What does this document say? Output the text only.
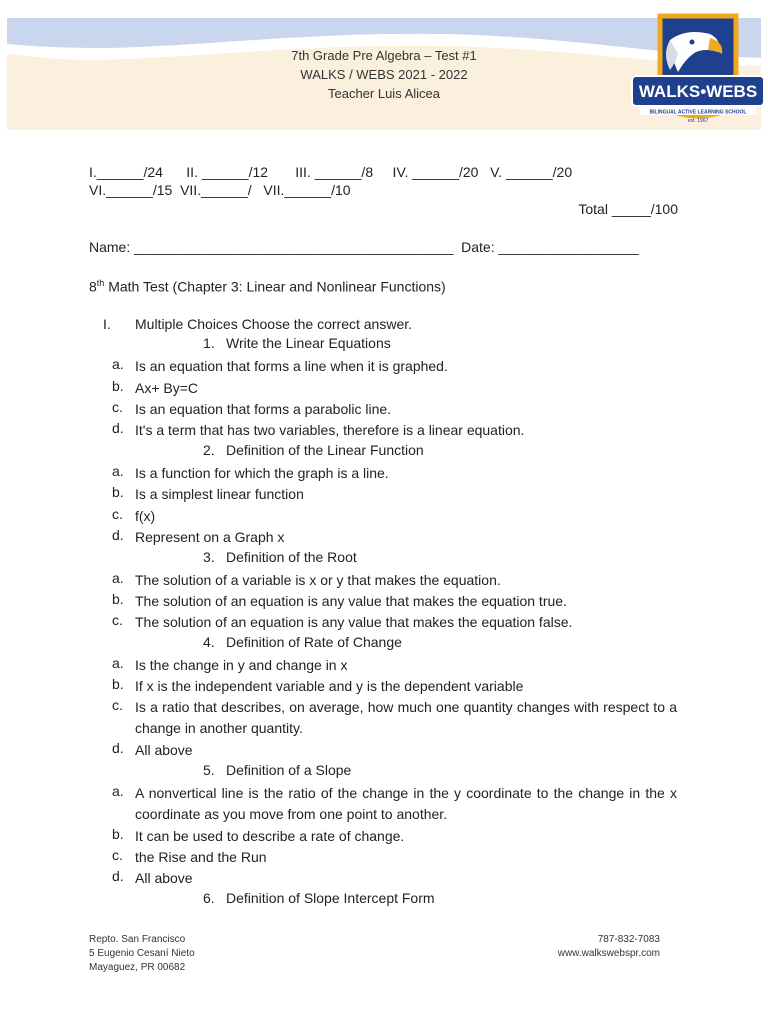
7th Grade Pre Algebra – Test #1
WALKS / WEBS 2021 - 2022
Teacher Luis Alicea	WALKS•WEBS
BILINGUAL ACTIVE LEARNING SCHOOL
est. 1967
I.______/24      II. ______/12       III. ______/8     IV. ______/20   V. ______/20
VI.______/15  VII.______/   VII.______/10
Total _____/100
Name: _________________________________________  Date: __________________
8th Math Test (Chapter 3: Linear and Nonlinear Functions)
I. Multiple Choices Choose the correct answer.
1. Write the Linear Equations
a. Is an equation that forms a line when it is graphed.
b. Ax+ By=C
c. Is an equation that forms a parabolic line.
d. It's a term that has two variables, therefore is a linear equation.
2. Definition of the Linear Function
a. Is a function for which the graph is a line.
b. Is a simplest linear function
c. f(x)
d. Represent on a Graph x
3. Definition of the Root
a. The solution of a variable is x or y that makes the equation.
b. The solution of an equation is any value that makes the equation true.
c. The solution of an equation is any value that makes the equation false.
4. Definition of Rate of Change
a. Is the change in y and change in x
b. If x is the independent variable and y is the dependent variable
c. Is a ratio that describes, on average, how much one quantity changes with respect to a change in another quantity.
d. All above
5. Definition of a Slope
a. A nonvertical line is the ratio of the change in the y coordinate to the change in the x coordinate as you move from one point to another.
b. It can be used to describe a rate of change.
c. the Rise and the Run
d. All above
6. Definition of Slope Intercept Form
Repto. San Francisco
5 Eugenio Cesaní Nieto
Mayaguez, PR 00682
787-832-7083
www.walkswebspr.com
